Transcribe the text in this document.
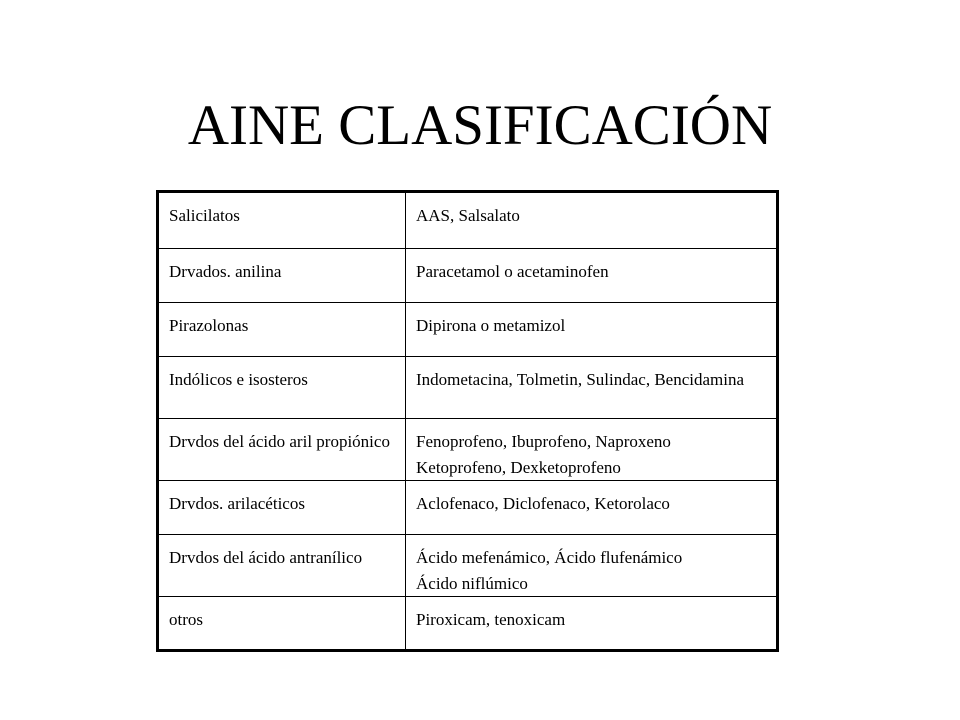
AINE CLASIFICACIÓN
Salicilatos	AAS, Salsalato

Drvados. anilina	Paracetamol o acetaminofen

Pirazolonas	Dipirona o metamizol

Indólicos e isosteros	Indometacina, Tolmetin, Sulindac, Bencidamina

Drvdos del ácido aril propiónico	Fenoprofeno, Ibuprofeno, Naproxeno
Ketoprofeno, Dexketoprofeno

Drvdos. arilacéticos	Aclofenaco, Diclofenaco, Ketorolaco

Drvdos del ácido antranílico	Ácido mefenámico, Ácido flufenámico
Ácido niflúmico

otros	Piroxicam, tenoxicam
